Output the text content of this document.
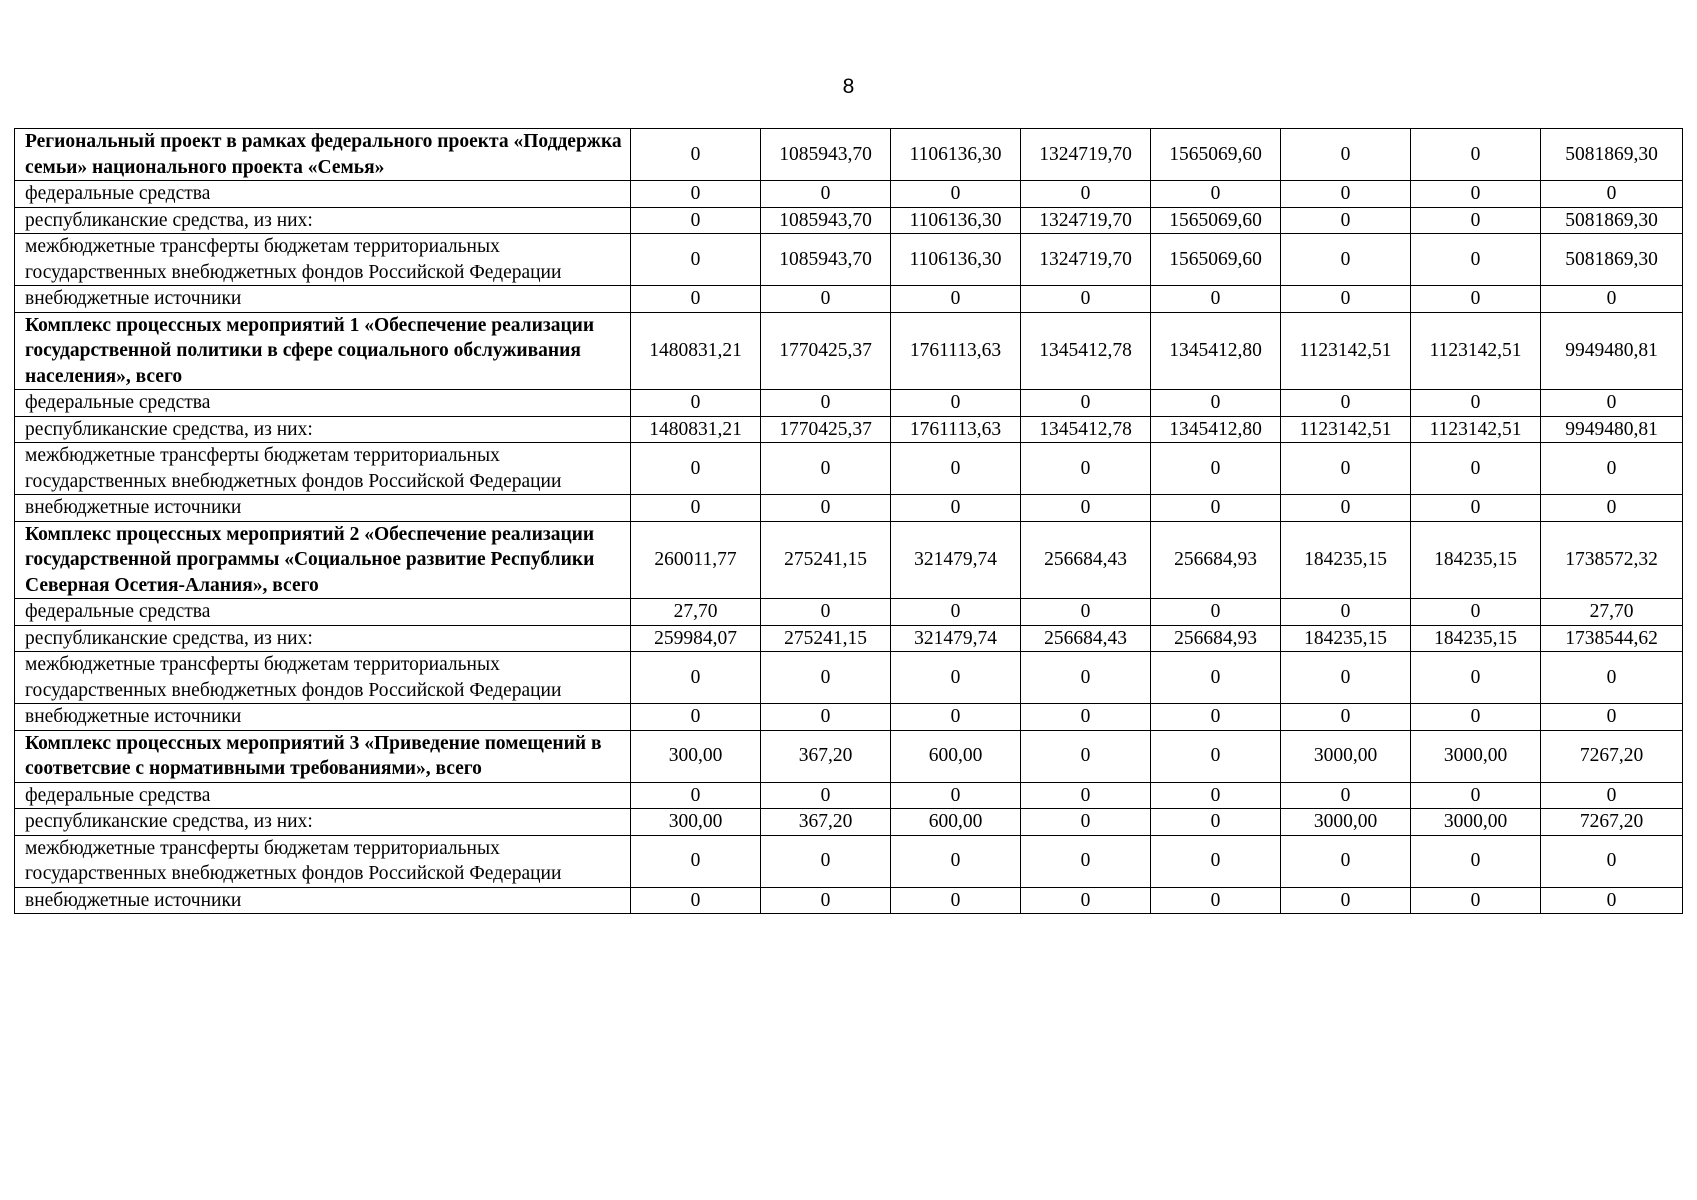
8
Региональный проект в рамках федерального проекта «Поддержка семьи» национального проекта «Семья»	0	1085943,70	1106136,30	1324719,70	1565069,60	0	0	5081869,30
федеральные средства	0	0	0	0	0	0	0	0
республиканские средства, из них:	0	1085943,70	1106136,30	1324719,70	1565069,60	0	0	5081869,30
межбюджетные трансферты бюджетам территориальных государственных внебюджетных фондов Российской Федерации	0	1085943,70	1106136,30	1324719,70	1565069,60	0	0	5081869,30
внебюджетные источники	0	0	0	0	0	0	0	0
Комплекс процессных мероприятий 1 «Обеспечение реализации государственной политики в сфере социального обслуживания населения», всего	1480831,21	1770425,37	1761113,63	1345412,78	1345412,80	1123142,51	1123142,51	9949480,81
федеральные средства	0	0	0	0	0	0	0	0
республиканские средства, из них:	1480831,21	1770425,37	1761113,63	1345412,78	1345412,80	1123142,51	1123142,51	9949480,81
межбюджетные трансферты бюджетам территориальных государственных внебюджетных фондов Российской Федерации	0	0	0	0	0	0	0	0
внебюджетные источники	0	0	0	0	0	0	0	0
Комплекс процессных мероприятий 2 «Обеспечение реализации государственной программы «Социальное развитие Республики Северная Осетия-Алания», всего	260011,77	275241,15	321479,74	256684,43	256684,93	184235,15	184235,15	1738572,32
федеральные средства	27,70	0	0	0	0	0	0	27,70
республиканские средства, из них:	259984,07	275241,15	321479,74	256684,43	256684,93	184235,15	184235,15	1738544,62
межбюджетные трансферты бюджетам территориальных государственных внебюджетных фондов Российской Федерации	0	0	0	0	0	0	0	0
внебюджетные источники	0	0	0	0	0	0	0	0
Комплекс процессных мероприятий 3 «Приведение помещений в соответсвие с нормативными требованиями», всего	300,00	367,20	600,00	0	0	3000,00	3000,00	7267,20
федеральные средства	0	0	0	0	0	0	0	0
республиканские средства, из них:	300,00	367,20	600,00	0	0	3000,00	3000,00	7267,20
межбюджетные трансферты бюджетам территориальных государственных внебюджетных фондов Российской Федерации	0	0	0	0	0	0	0	0
внебюджетные источники	0	0	0	0	0	0	0	0
